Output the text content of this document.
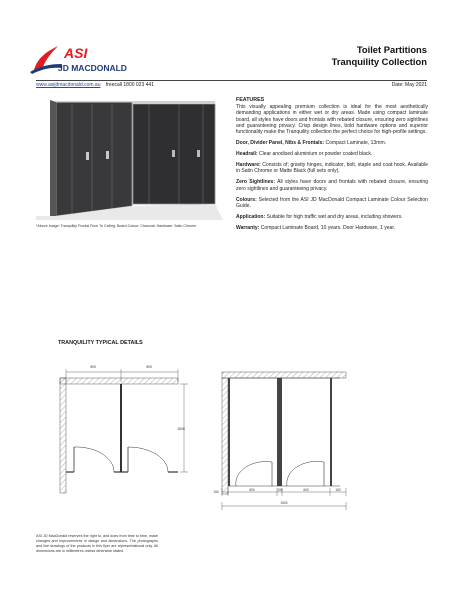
ASI
JD MACDONALD
Toilet Partitions
Tranquility Collection
www.asijdmacdonald.com.au freecall 1800 023 441	Date: May 2021
*Above Image: Tranquility Frontal Floor To Ceiling. Board Colour: Charcoal. Hardware: Satin Chrome
FEATURES

This visually appealing premium collection is ideal for the most aesthetically demanding applications in either wet or dry areas. Made using compact laminate board, all styles have doors and frontals with rebated closure, ensuring zero sightlines and guaranteeing privacy. Crisp design lines, bold hardware options and superior functionality make the Tranquility collection the perfect choice for high-profile settings.

Door, Divider Panel, Nibs & Frontals: Compact Laminate, 13mm.

Headrail: Clear anodised aluminium or powder coated black.

Hardware: Consists of; gravity hinges, indicator, bolt, staple and coat hook. Available in Satin Chrome or Matte Black (full sets only).

Zero Sightlines: All styles have doors and frontals with rebated closure, ensuring zero sightlines and guaranteeing privacy.

Colours: Selected from the ASI JD MacDonald Compact Laminate Colour Selection Guide.

Application: Suitable for high traffic wet and dry areas, including showers.

Warranty: Compact Laminate Board, 10 years. Door Hardware, 1 year.

TRANQUILITY TYPICAL DETAILS
900	900
1500
150	600	150	600	150
1500
ASI JD MacDonald reserves the right to, and does from time to time, make changes and improvements in design and dimensions. The photographs and line drawings of the products in this flyer are representational only. All dimensions are in millimetres unless otherwise stated.
